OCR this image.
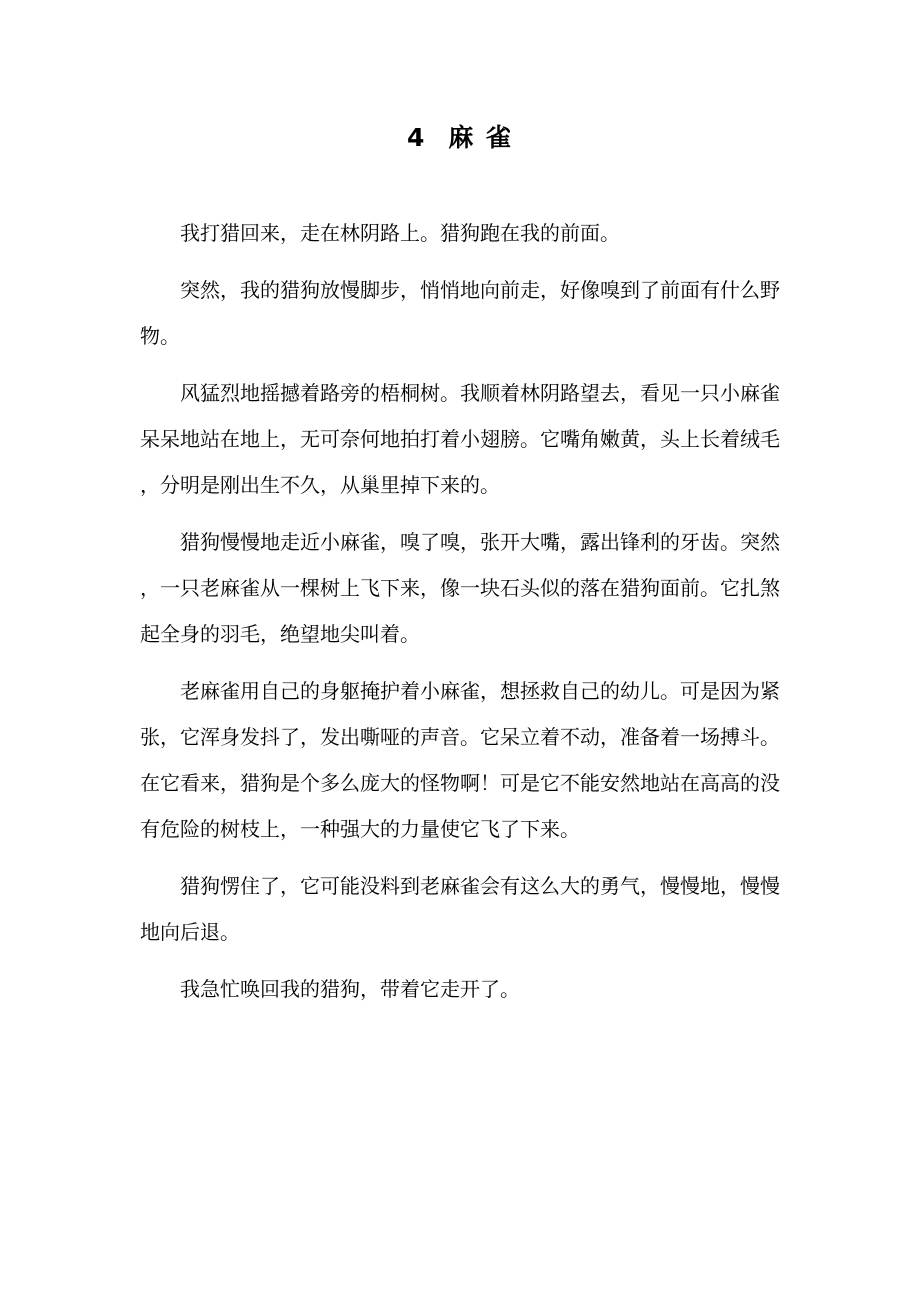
4 麻 雀

我打猎回来，走在林阴路上。猎狗跑在我的前面。

突然，我的猎狗放慢脚步，悄悄地向前走，好像嗅到了前面有什么野物。

风猛烈地摇撼着路旁的梧桐树。我顺着林阴路望去，看见一只小麻雀呆呆地站在地上，无可奈何地拍打着小翅膀。它嘴角嫩黄，头上长着绒毛，分明是刚出生不久，从巢里掉下来的。

猎狗慢慢地走近小麻雀，嗅了嗅，张开大嘴，露出锋利的牙齿。突然，一只老麻雀从一棵树上飞下来，像一块石头似的落在猎狗面前。它扎煞起全身的羽毛，绝望地尖叫着。

老麻雀用自己的身躯掩护着小麻雀，想拯救自己的幼儿。可是因为紧张，它浑身发抖了，发出嘶哑的声音。它呆立着不动，准备着一场搏斗。在它看来，猎狗是个多么庞大的怪物啊！可是它不能安然地站在高高的没有危险的树枝上，一种强大的力量使它飞了下来。

猎狗愣住了，它可能没料到老麻雀会有这么大的勇气，慢慢地，慢慢地向后退。

我急忙唤回我的猎狗，带着它走开了。
